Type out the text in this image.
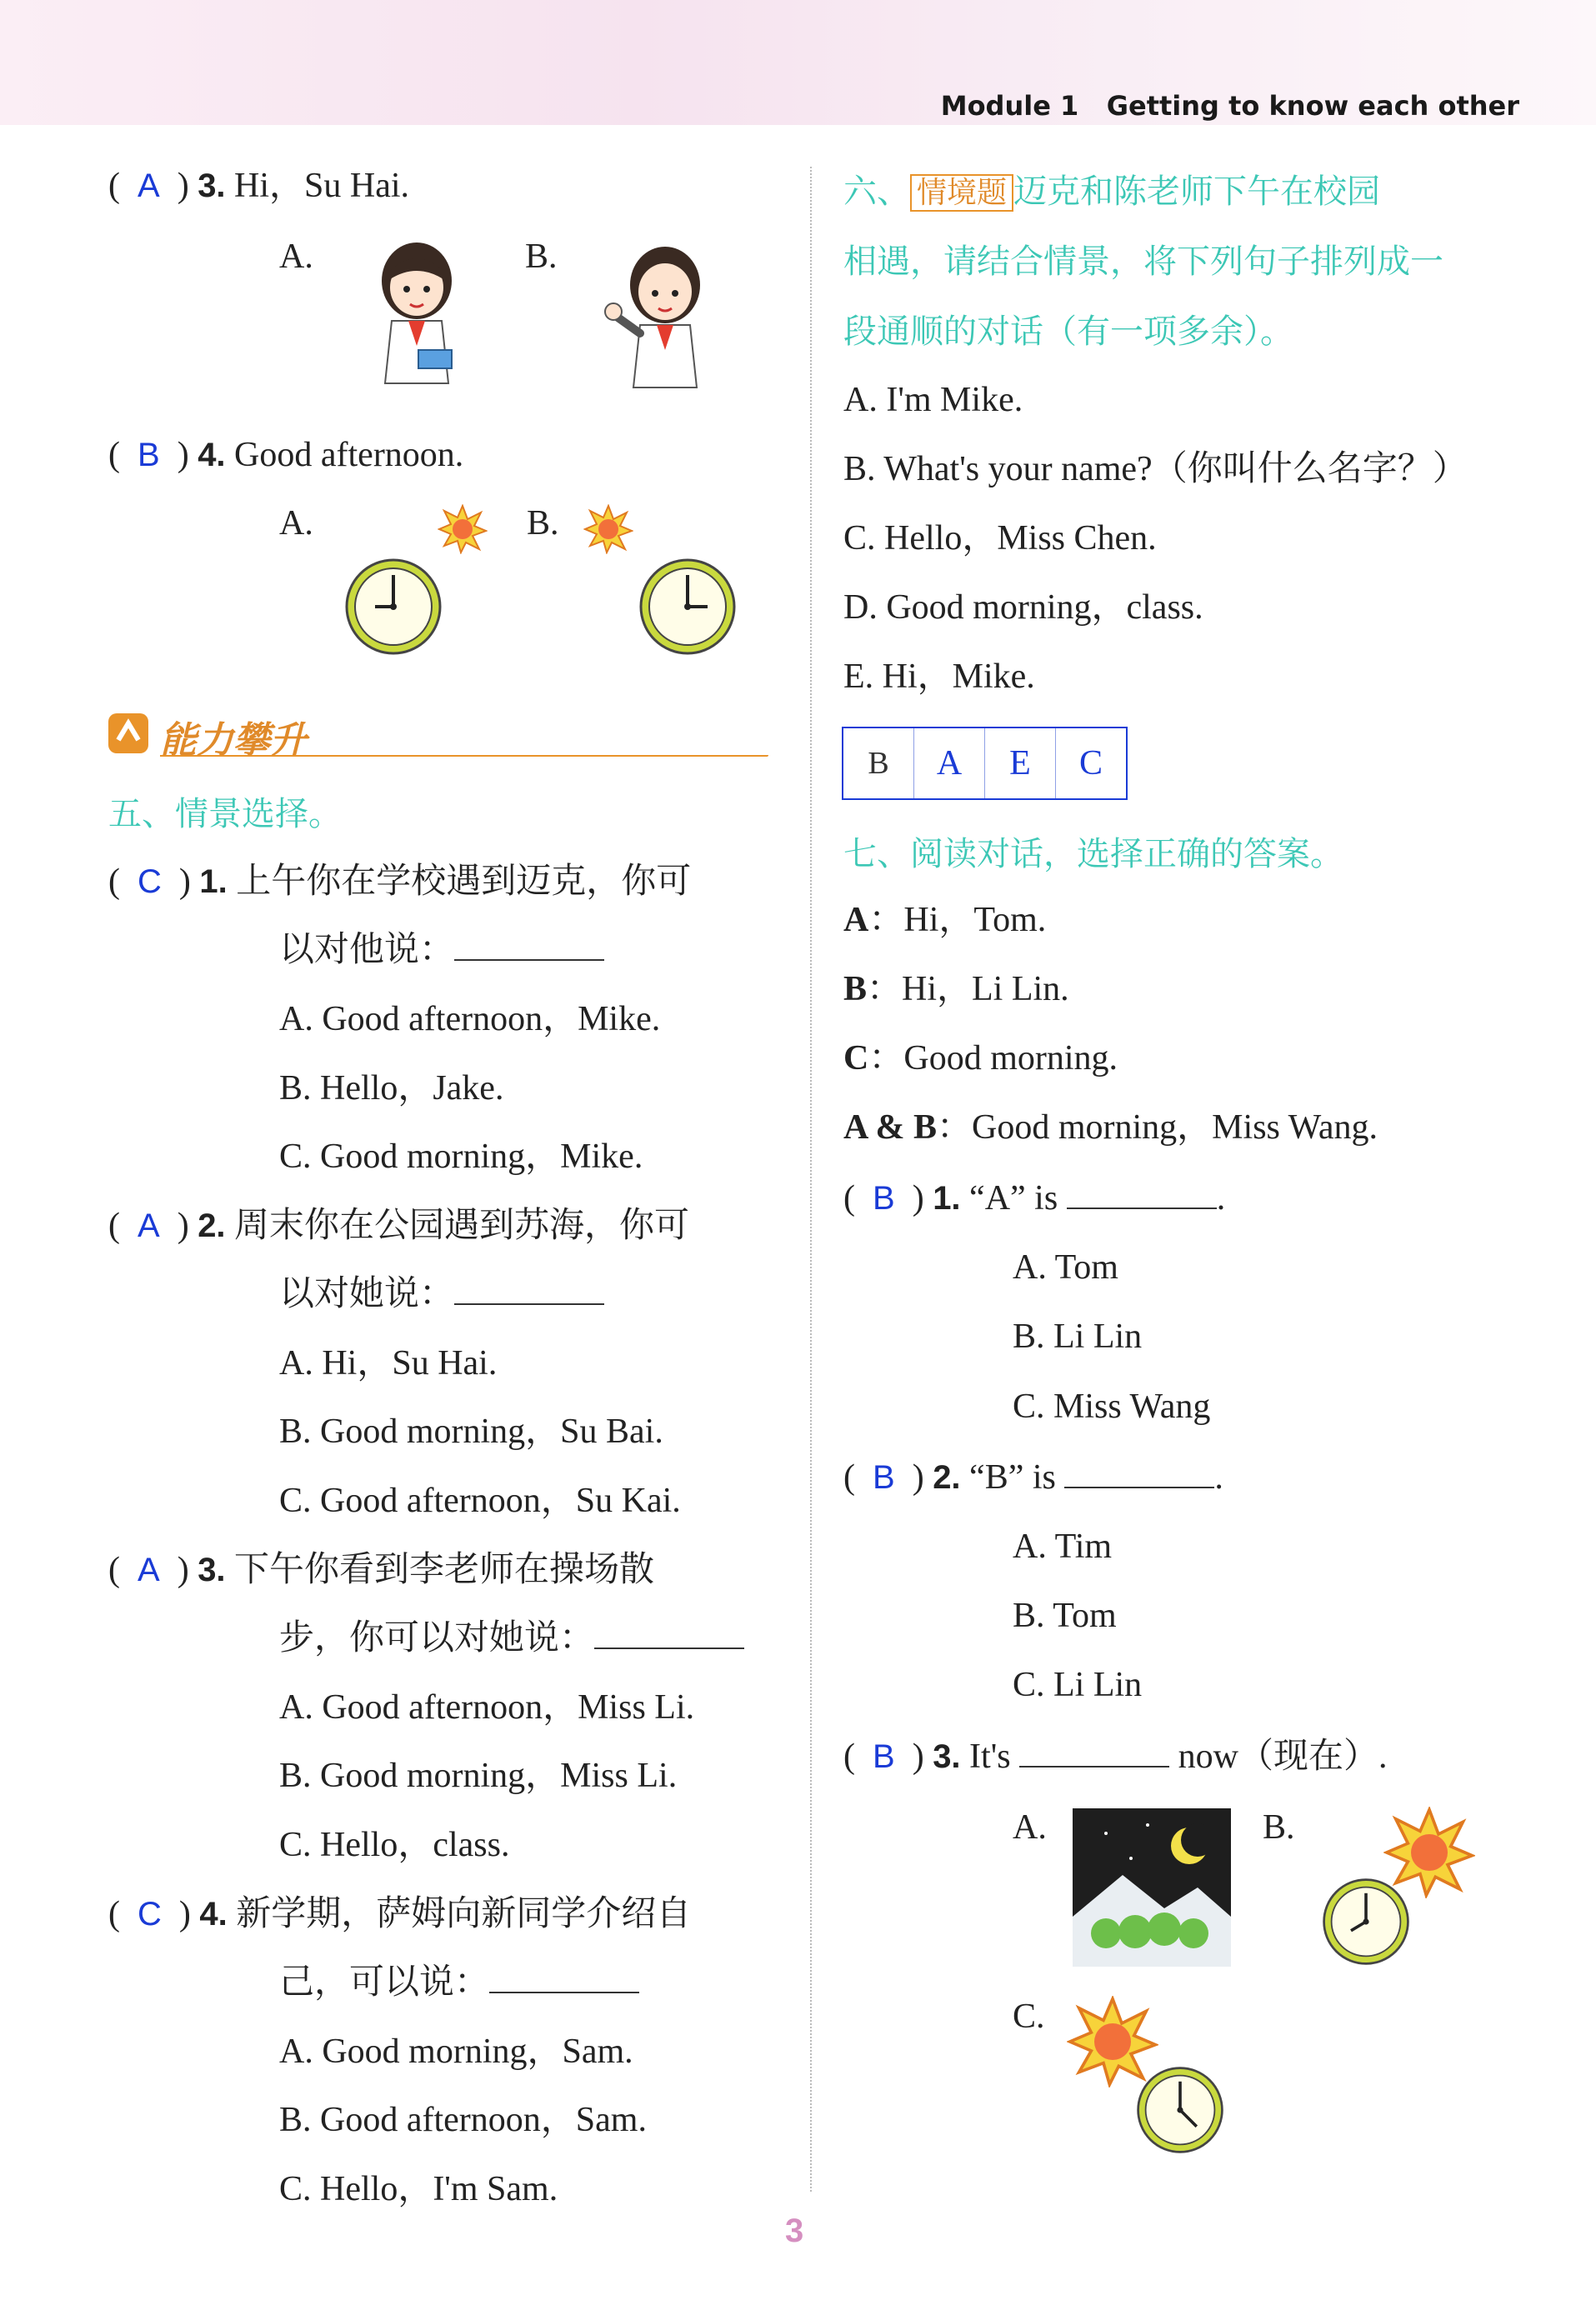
Module 1 Getting to know each other
(  A  ) 3. Hi，Su Hai.
A.	B.
(  B  ) 4. Good afternoon.
A.	B.
能力攀升
五、情景选择。
(  C  ) 1. 上午你在学校遇到迈克，你可
以对他说：
A. Good afternoon，Mike.
B. Hello，Jake.
C. Good morning，Mike.
(  A  ) 2. 周末你在公园遇到苏海，你可
以对她说：
A. Hi，Su Hai.
B. Good morning，Su Bai.
C. Good afternoon，Su Kai.
(  A  ) 3. 下午你看到李老师在操场散
步，你可以对她说：
A. Good afternoon，Miss Li.
B. Good morning，Miss Li.
C. Hello，class.
(  C  ) 4. 新学期，萨姆向新同学介绍自
己，可以说：
A. Good morning，Sam.
B. Good afternoon，Sam.
C. Hello，I'm Sam.
六、 情境题 迈克和陈老师下午在校园
相遇，请结合情景，将下列句子排列成一
段通顺的对话（有一项多余）。
A. I'm Mike.
B. What's your name?（你叫什么名字？）
C. Hello，Miss Chen.
D. Good morning，class.
E. Hi，Mike.
B	A	E	C
七、阅读对话，选择正确的答案。
A：Hi，Tom.
B：Hi，Li Lin.
C：Good morning.
A & B：Good morning，Miss Wang.
(  B  ) 1. “A” is	.
A. Tom
B. Li Lin
C. Miss Wang
(  B  ) 2. “B” is	.
A. Tim
B. Tom
C. Li Lin
(  B  ) 3. It's	now（现在）.
A.	B.
C.
3
